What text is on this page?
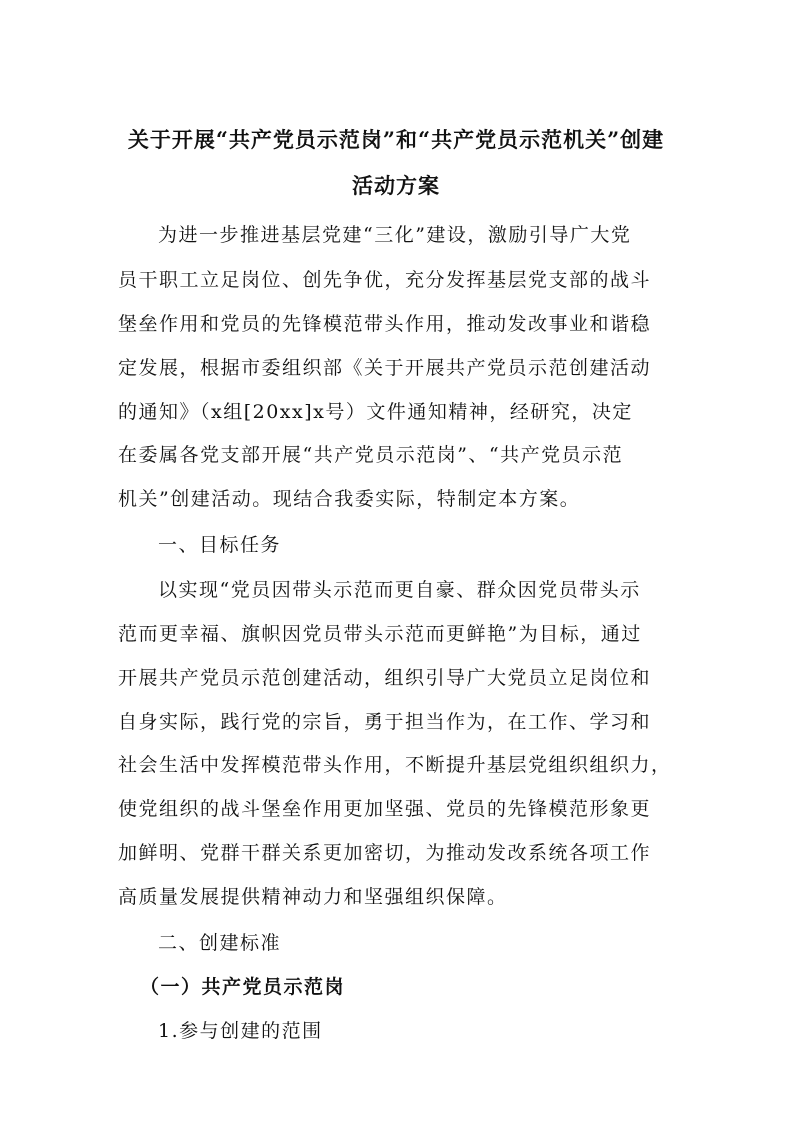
关于开展“共产党员示范岗”和“共产党员示范机关”创建
活动方案

为进一步推进基层党建“三化”建设，激励引导广大党

员干职工立足岗位、创先争优，充分发挥基层党支部的战斗

堡垒作用和党员的先锋模范带头作用，推动发改事业和谐稳

定发展，根据市委组织部《关于开展共产党员示范创建活动

的通知》（x组[20xx]x号）文件通知精神，经研究，决定

在委属各党支部开展“共产党员示范岗”、“共产党员示范

机关”创建活动。现结合我委实际，特制定本方案。

一、目标任务

以实现“党员因带头示范而更自豪、群众因党员带头示

范而更幸福、旗帜因党员带头示范而更鲜艳”为目标，通过

开展共产党员示范创建活动，组织引导广大党员立足岗位和

自身实际，践行党的宗旨，勇于担当作为，在工作、学习和

社会生活中发挥模范带头作用，不断提升基层党组织组织力，

使党组织的战斗堡垒作用更加坚强、党员的先锋模范形象更

加鲜明、党群干群关系更加密切，为推动发改系统各项工作

高质量发展提供精神动力和坚强组织保障。

二、创建标准

（一）共产党员示范岗

1.参与创建的范围
